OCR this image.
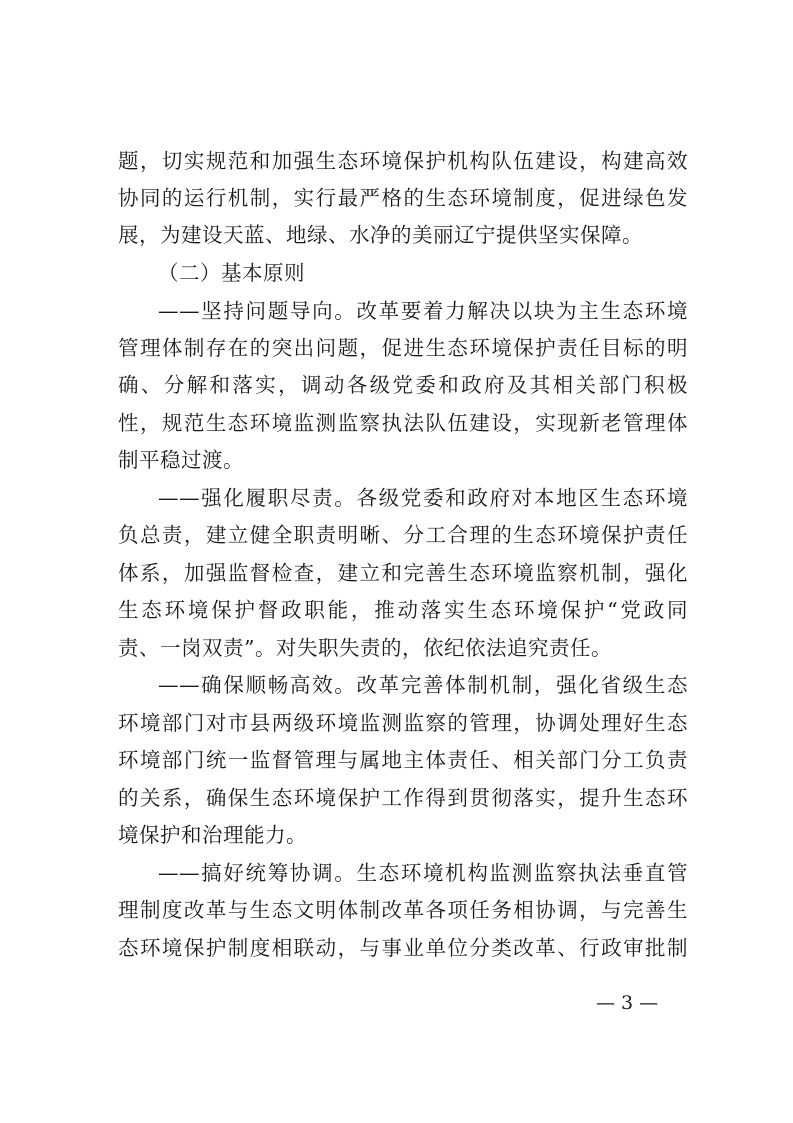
题，切实规范和加强生态环境保护机构队伍建设，构建高效
协同的运行机制，实行最严格的生态环境制度，促进绿色发
展，为建设天蓝、地绿、水净的美丽辽宁提供坚实保障。
（二）基本原则
——坚持问题导向。改革要着力解决以块为主生态环境
管理体制存在的突出问题，促进生态环境保护责任目标的明
确、分解和落实，调动各级党委和政府及其相关部门积极
性，规范生态环境监测监察执法队伍建设，实现新老管理体
制平稳过渡。
——强化履职尽责。各级党委和政府对本地区生态环境
负总责，建立健全职责明晰、分工合理的生态环境保护责任
体系，加强监督检查，建立和完善生态环境监察机制，强化
生态环境保护督政职能，推动落实生态环境保护“党政同
责、一岗双责”。对失职失责的，依纪依法追究责任。
——确保顺畅高效。改革完善体制机制，强化省级生态
环境部门对市县两级环境监测监察的管理，协调处理好生态
环境部门统一监督管理与属地主体责任、相关部门分工负责
的关系，确保生态环境保护工作得到贯彻落实，提升生态环
境保护和治理能力。
——搞好统筹协调。生态环境机构监测监察执法垂直管
理制度改革与生态文明体制改革各项任务相协调，与完善生
态环境保护制度相联动，与事业单位分类改革、行政审批制
— 3 —
